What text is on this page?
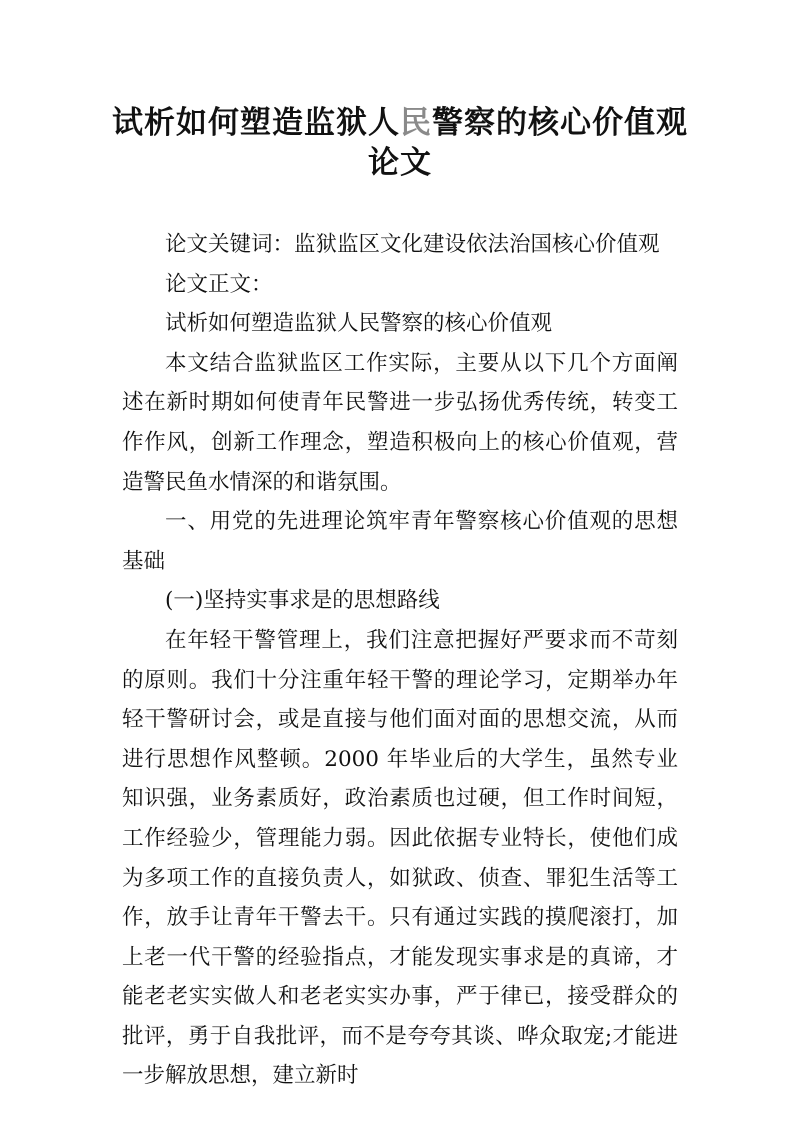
试析如何塑造监狱人民警察的核心价值观
论文

论文关键词：监狱监区文化建设依法治国核心价值观

论文正文：

试析如何塑造监狱人民警察的核心价值观

本文结合监狱监区工作实际，主要从以下几个方面阐述在新时期如何使青年民警进一步弘扬优秀传统，转变工作作风，创新工作理念，塑造积极向上的核心价值观，营造警民鱼水情深的和谐氛围。

一、用党的先进理论筑牢青年警察核心价值观的思想基础

(一)坚持实事求是的思想路线

在年轻干警管理上，我们注意把握好严要求而不苛刻的原则。我们十分注重年轻干警的理论学习，定期举办年轻干警研讨会，或是直接与他们面对面的思想交流，从而进行思想作风整顿。2000 年毕业后的大学生，虽然专业知识强，业务素质好，政治素质也过硬，但工作时间短，工作经验少，管理能力弱。因此依据专业特长，使他们成为多项工作的直接负责人，如狱政、侦查、罪犯生活等工作，放手让青年干警去干。只有通过实践的摸爬滚打，加上老一代干警的经验指点，才能发现实事求是的真谛，才能老老实实做人和老老实实办事，严于律已，接受群众的批评，勇于自我批评，而不是夸夸其谈、哗众取宠;才能进一步解放思想，建立新时
